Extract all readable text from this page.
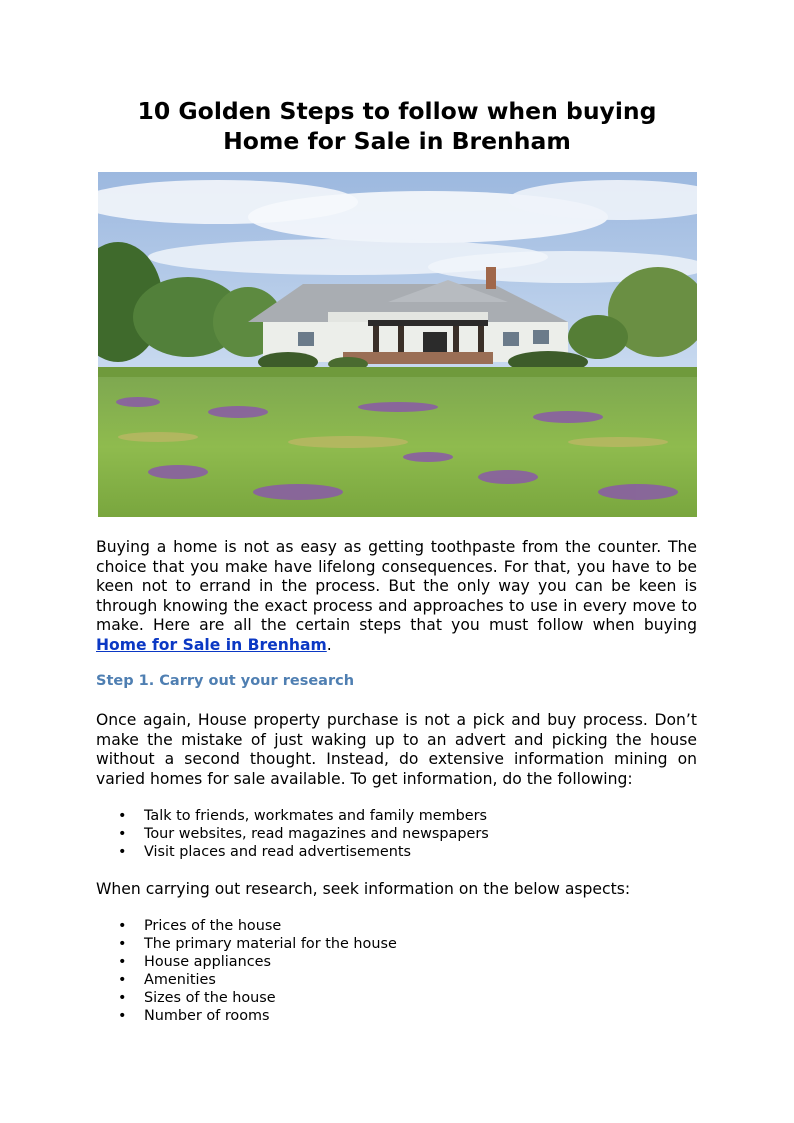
10 Golden Steps to follow when buying
Home for Sale in Brenham

Buying a home is not as easy as getting toothpaste from the counter. The choice that you make have lifelong consequences. For that, you have to be keen not to errand in the process. But the only way you can be keen is through knowing the exact process and approaches to use in every move to make. Here are all the certain steps that you must follow when buying Home for Sale in Brenham.

Step 1. Carry out your research

Once again, House property purchase is not a pick and buy process. Don’t make the mistake of just waking up to an advert and picking the house without a second thought. Instead, do extensive information mining on varied homes for sale available. To get information, do the following:

• Talk to friends, workmates and family members
• Tour websites, read magazines and newspapers
• Visit places and read advertisements

When carrying out research, seek information on the below aspects:

• Prices of the house
• The primary material for the house
• House appliances
• Amenities
• Sizes of the house
• Number of rooms
